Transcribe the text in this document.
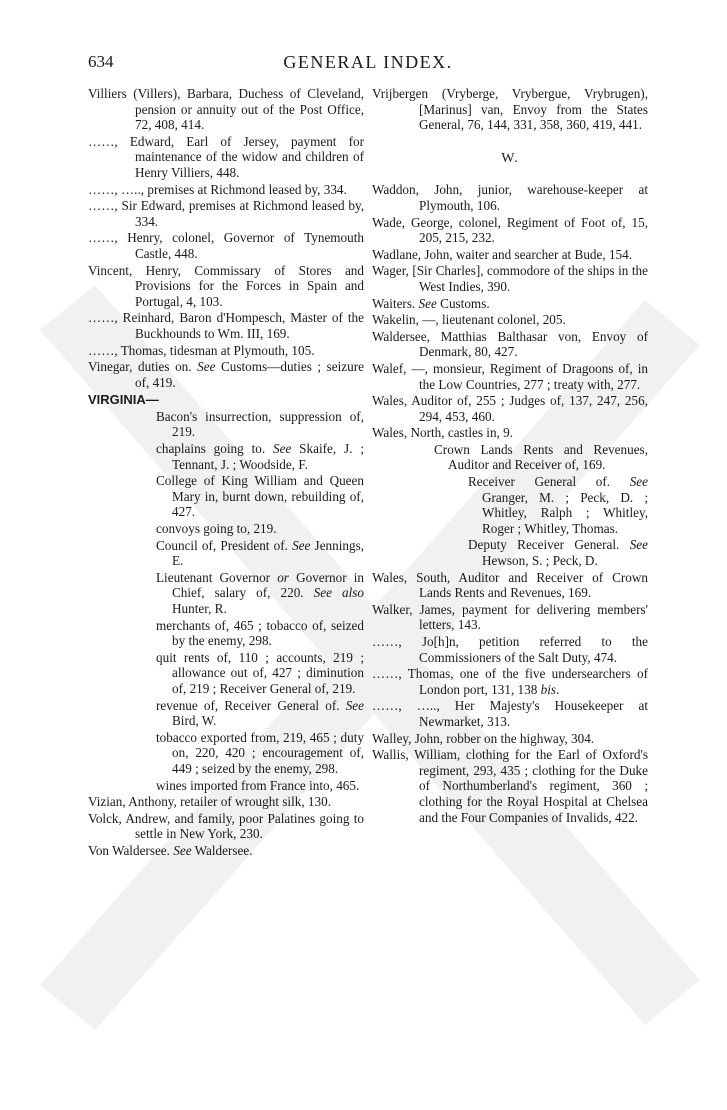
634	GENERAL INDEX.
Villiers (Villers), Barbara, Duchess of Cleveland, pension or annuity out of the Post Office, 72, 408, 414.
……, Edward, Earl of Jersey, payment for maintenance of the widow and children of Henry Villiers, 448.
……, ….., premises at Richmond leased by, 334.
……, Sir Edward, premises at Richmond leased by, 334.
……, Henry, colonel, Governor of Tynemouth Castle, 448.
Vincent, Henry, Commissary of Stores and Provisions for the Forces in Spain and Portugal, 4, 103.
……, Reinhard, Baron d'Hompesch, Master of the Buckhounds to Wm. III, 169.
……, Thomas, tidesman at Plymouth, 105.
Vinegar, duties on. See Customs—duties ; seizure of, 419.
VIRGINIA—
Bacon's insurrection, suppression of, 219.
chaplains going to. See Skaife, J. ; Tennant, J. ; Woodside, F.
College of King William and Queen Mary in, burnt down, rebuilding of, 427.
convoys going to, 219.
Council of, President of. See Jennings, E.
Lieutenant Governor or Governor in Chief, salary of, 220. See also Hunter, R.
merchants of, 465 ; tobacco of, seized by the enemy, 298.
quit rents of, 110 ; accounts, 219 ; allowance out of, 427 ; diminution of, 219 ; Receiver General of, 219.
revenue of, Receiver General of. See Bird, W.
tobacco exported from, 219, 465 ; duty on, 220, 420 ; encouragement of, 449 ; seized by the enemy, 298.
wines imported from France into, 465.
Vizian, Anthony, retailer of wrought silk, 130.
Volck, Andrew, and family, poor Palatines going to settle in New York, 230.
Von Waldersee. See Waldersee.
Vrijbergen (Vryberge, Vrybergue, Vrybrugen), [Marinus] van, Envoy from the States General, 76, 144, 331, 358, 360, 419, 441.
W.
Waddon, John, junior, warehouse-keeper at Plymouth, 106.
Wade, George, colonel, Regiment of Foot of, 15, 205, 215, 232.
Wadlane, John, waiter and searcher at Bude, 154.
Wager, [Sir Charles], commodore of the ships in the West Indies, 390.
Waiters. See Customs.
Wakelin, —, lieutenant colonel, 205.
Waldersee, Matthias Balthasar von, Envoy of Denmark, 80, 427.
Walef, —, monsieur, Regiment of Dragoons of, in the Low Countries, 277 ; treaty with, 277.
Wales, Auditor of, 255 ; Judges of, 137, 247, 256, 294, 453, 460.
Wales, North, castles in, 9.
Crown Lands Rents and Revenues, Auditor and Receiver of, 169.
Receiver General of. See Granger, M. ; Peck, D. ; Whitley, Ralph ; Whitley, Roger ; Whitley, Thomas.
Deputy Receiver General. See Hewson, S. ; Peck, D.
Wales, South, Auditor and Receiver of Crown Lands Rents and Revenues, 169.
Walker, James, payment for delivering members' letters, 143.
……, Jo[h]n, petition referred to the Commissioners of the Salt Duty, 474.
……, Thomas, one of the five undersearchers of London port, 131, 138 bis.
……, ….., Her Majesty's Housekeeper at Newmarket, 313.
Walley, John, robber on the highway, 304.
Wallis, William, clothing for the Earl of Oxford's regiment, 293, 435 ; clothing for the Duke of Northumberland's regiment, 360 ; clothing for the Royal Hospital at Chelsea and the Four Companies of Invalids, 422.
